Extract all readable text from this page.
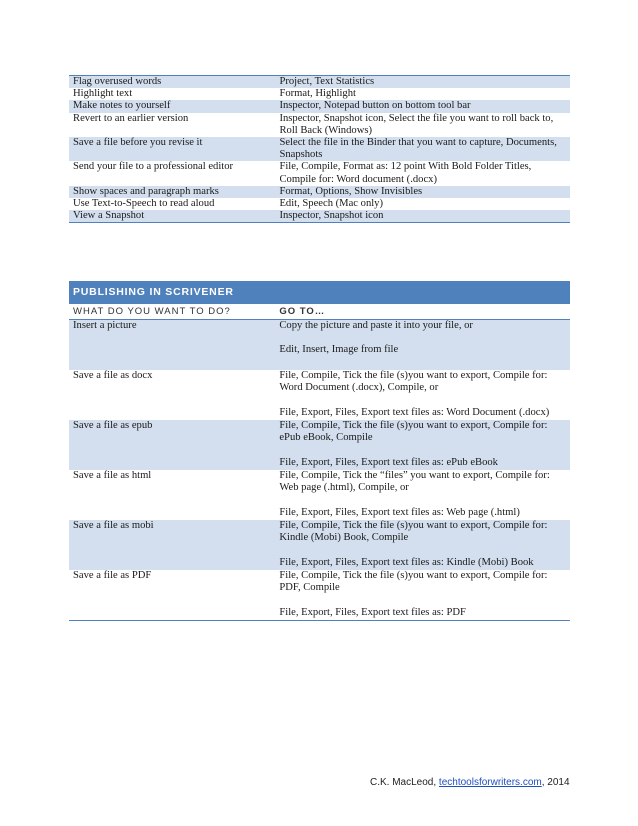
Flag overused words	Project, Text Statistics
Highlight text	Format, Highlight
Make notes to yourself	Inspector, Notepad button on bottom tool bar
Revert to an earlier version	Inspector, Snapshot icon, Select the file you want to roll back to, Roll Back (Windows)
Save a file before you revise it	Select the file in the Binder that you want to capture, Documents, Snapshots
Send your file to a professional editor	File, Compile, Format as: 12 point With Bold Folder Titles, Compile for: Word document (.docx)
Show spaces and paragraph marks	Format, Options, Show Invisibles
Use Text-to-Speech to read aloud	Edit, Speech (Mac only)
View a Snapshot	Inspector, Snapshot icon
PUBLISHING IN SCRIVENER	
WHAT DO YOU WANT TO DO?	GO TO…
Insert a picture	Copy the picture and paste it into your file, or
Edit, Insert, Image from file
Save a file as docx	File, Compile, Tick the file (s)you want to export, Compile for: Word Document (.docx), Compile, or
File, Export, Files, Export text files as: Word Document (.docx)
Save a file as epub	File, Compile, Tick the file (s)you want to export, Compile for: ePub eBook, Compile
File, Export, Files, Export text files as: ePub eBook
Save a file as html	File, Compile, Tick the “files” you want to export, Compile for: Web page (.html), Compile, or
File, Export, Files, Export text files as: Web page (.html)
Save a file as mobi	File, Compile, Tick the file (s)you want to export, Compile for: Kindle (Mobi) Book, Compile
File, Export, Files, Export text files as: Kindle (Mobi) Book
Save a file as PDF	File, Compile, Tick the file (s)you want to export, Compile for: PDF, Compile
File, Export, Files, Export text files as: PDF
C.K. MacLeod, techtoolsforwriters.com, 2014
